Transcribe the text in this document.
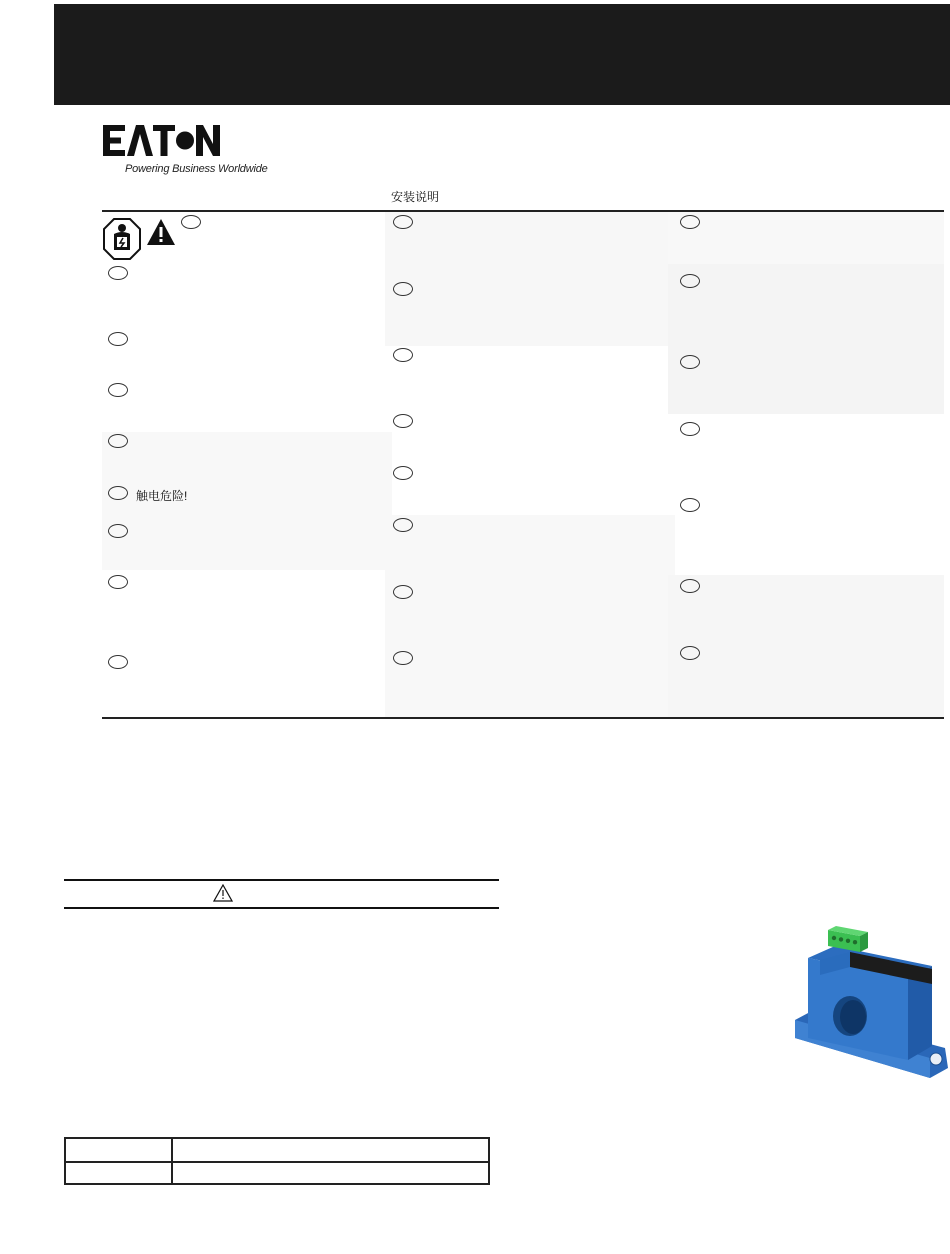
Powering Business Worldwide
安装说明
触电危险!
